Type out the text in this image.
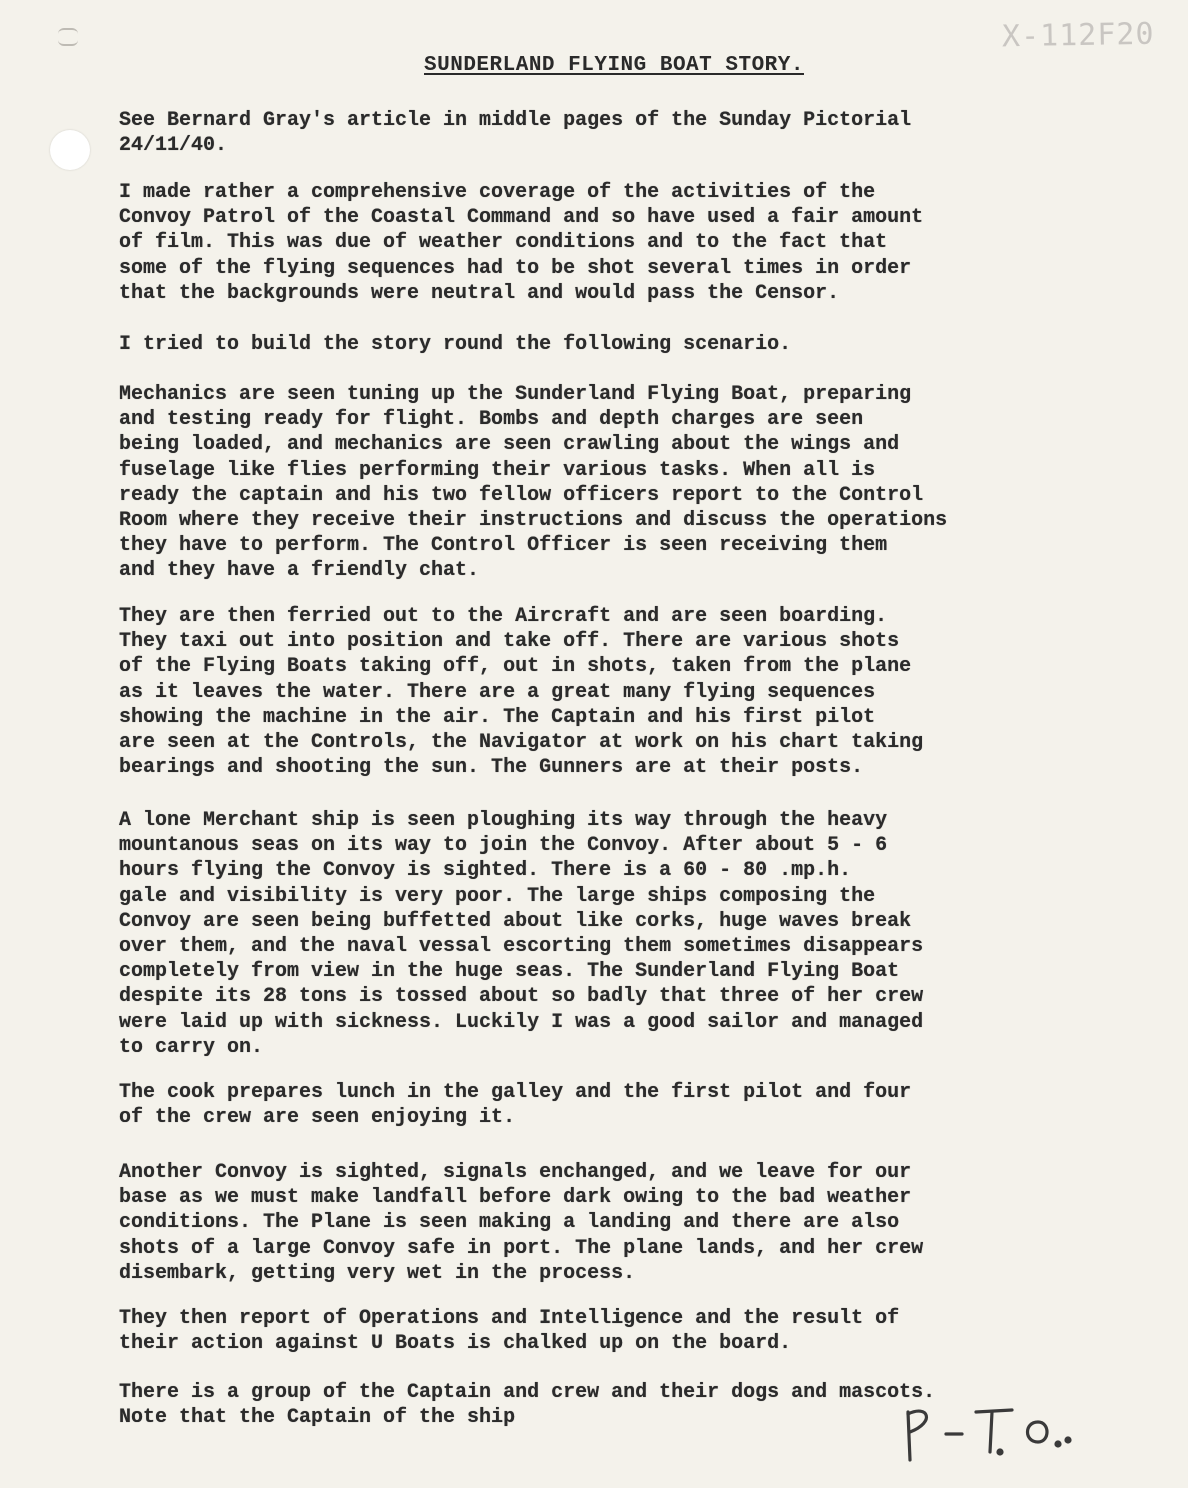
X-112F20
SUNDERLAND FLYING BOAT STORY.

See Bernard Gray's article in middle pages of the Sunday Pictorial
24/11/40.

I made rather a comprehensive coverage of the activities of the
Convoy Patrol of the Coastal Command and so have used a fair amount
of film. This was due of weather conditions and to the fact that
some of the flying sequences had to be shot several times in order
that the backgrounds were neutral and would pass the Censor.

I tried to build the story round the following scenario.

Mechanics are seen tuning up the Sunderland Flying Boat, preparing
and testing ready for flight. Bombs and depth charges are seen
being loaded, and mechanics are seen crawling about the wings and
fuselage like flies performing their various tasks. When all is
ready the captain and his two fellow officers report to the Control
Room where they receive their instructions and discuss the operations
they have to perform. The Control Officer is seen receiving them
and they have a friendly chat.

They are then ferried out to the Aircraft and are seen boarding.
They taxi out into position and take off. There are various shots
of the Flying Boats taking off, out in shots, taken from the plane
as it leaves the water. There are a great many flying sequences
showing the machine in the air. The Captain and his first pilot
are seen at the Controls, the Navigator at work on his chart taking
bearings and shooting the sun. The Gunners are at their posts.

A lone Merchant ship is seen ploughing its way through the heavy
mountanous seas on its way to join the Convoy. After about 5 - 6
hours flying the Convoy is sighted. There is a 60 - 80 .mp.h.
gale and visibility is very poor. The large ships composing the
Convoy are seen being buffetted about like corks, huge waves break
over them, and the naval vessal escorting them sometimes disappears
completely from view in the huge seas. The Sunderland Flying Boat
despite its 28 tons is tossed about so badly that three of her crew
were laid up with sickness. Luckily I was a good sailor and managed
to carry on.

The cook prepares lunch in the galley and the first pilot and four
of the crew are seen enjoying it.

Another Convoy is sighted, signals enchanged, and we leave for our
base as we must make landfall before dark owing to the bad weather
conditions. The Plane is seen making a landing and there are also
shots of a large Convoy safe in port. The plane lands, and her crew
disembark, getting very wet in the process.

They then report of Operations and Intelligence and the result of
their action against U Boats is chalked up on the board.

There is a group of the Captain and crew and their dogs and mascots.
Note that the Captain of the ship
